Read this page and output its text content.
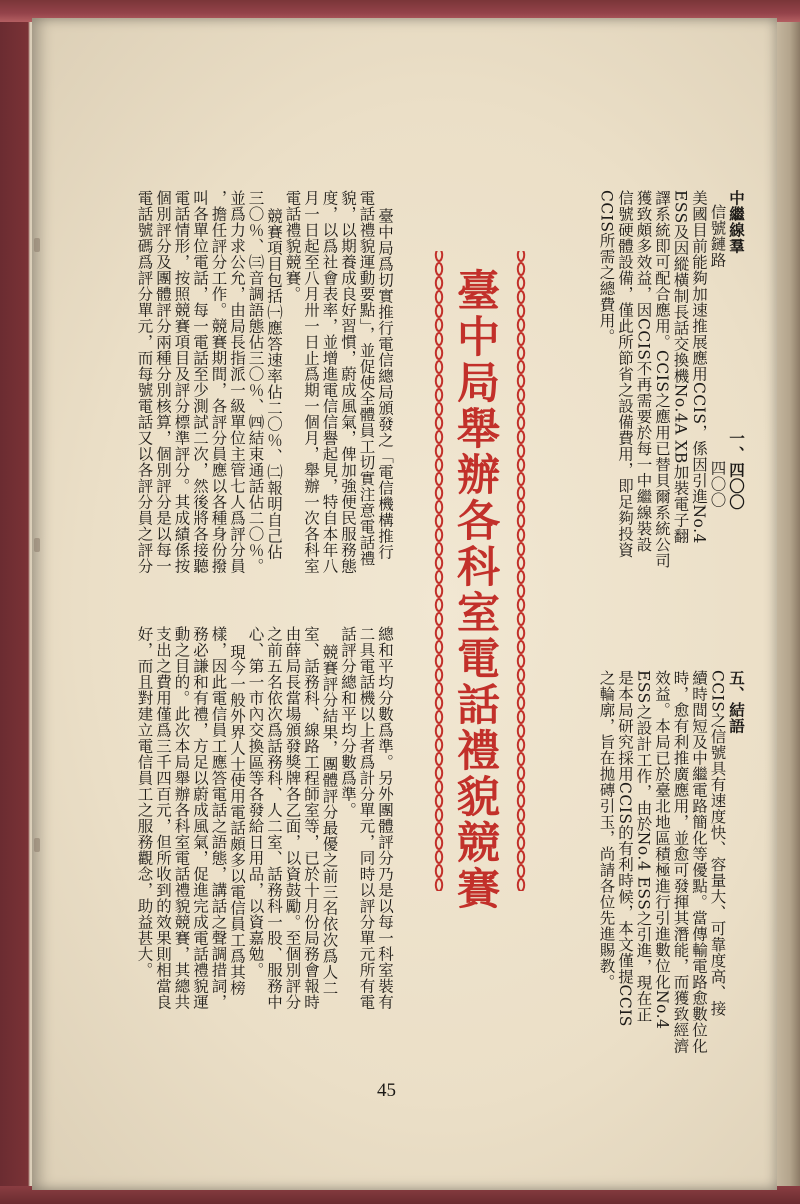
中繼線羣　　　　　　　　　　　一、四〇〇
信號鏈路　　　　　　　　　　　　四〇〇
美國目前能夠加速推展應用CCIS，係因引進No.4
ESS及因縱橫制長話交換機No.4A XB加裝電子翻
譯系統即可配合應用。CCIS之應用已替貝爾系統公司
獲致頗多效益，因CCIS不再需要於每一中繼線裝設
信號硬體設備，僅此所節省之設備費用，即足夠投資
CCIS所需之總費用。
五、結語
CCIS之信號具有速度快、容量大、可靠度高、接
續時間短及中繼電路簡化等優點。當傳輸電路愈數位化
時，愈有利推廣應用，並愈可發揮其潛能，而獲致經濟
效益。本局已於臺北地區積極進行引進數位化No.4
ESS之設計工作，由於No.4 ESS之引進，現在正
是本局研究採用CCIS的有利時候，本文僅提CCIS
之輪廓，旨在拋磚引玉，尚請各位先進賜教。
臺中局舉辦各科室電話禮貌競賽
臺中局爲切實推行電信總局頒發之「電信機構推行
電話禮貌運動要點」，並促使全體員工切實注意電話禮
貌，以期養成良好習慣，蔚成風氣，俾加強便民服務態
度，以爲社會表率，並增進電信信譽起見，特自本年八
月一日起至八月卅一日止爲期一個月，舉辦一次各科室
電話禮貌競賽。
競賽項目包括㈠應答速率佔二〇％、㈡報明自己佔
三〇％、㈢音調語態佔三〇％、㈣結束通話佔二〇％。
並爲力求公允，由局長指派一級單位主管七人爲評分員
，擔任評分工作。競賽期間，各評分員應以各種身份撥
叫各單位電話，每一電話至少測試二次，然後將各接聽
電話情形，按照競賽項目及評分標準評分。其成績係按
個別評分及團體評分兩種分別核算，個別評分是以每一
電話號碼爲評分單元，而每號電話又以各評分員之評分
總和平均分數爲準。另外團體評分乃是以每一科室裝有
二具電話機以上者爲計分單元，同時以評分單元所有電
話評分總和平均分數爲準。
競賽評分結果，團體評分最優之前三名依次爲人二
室、話務科、線路工程師室等，已於十月份局務會報時
由薛局長當場頒發獎牌各乙面，以資鼓勵。至個別評分
之前五名依次爲話務科、人二室、話務科一股、服務中
心、第一市內交換區等各發給日用品，以資嘉勉。
現今一般外界人士使用電話頗多以電信員工爲其榜
樣，因此電信員工應答電話之語態，講話之聲調措詞，
務必謙和有禮，方足以蔚成風氣，促進完成電話禮貌運
動之目的。此次本局舉辦各科室電話禮貌競賽，其總共
支出之費用僅爲三千四百元，但所收到的效果則相當良
好，而且對建立電信員工之服務觀念，助益甚大。
45
